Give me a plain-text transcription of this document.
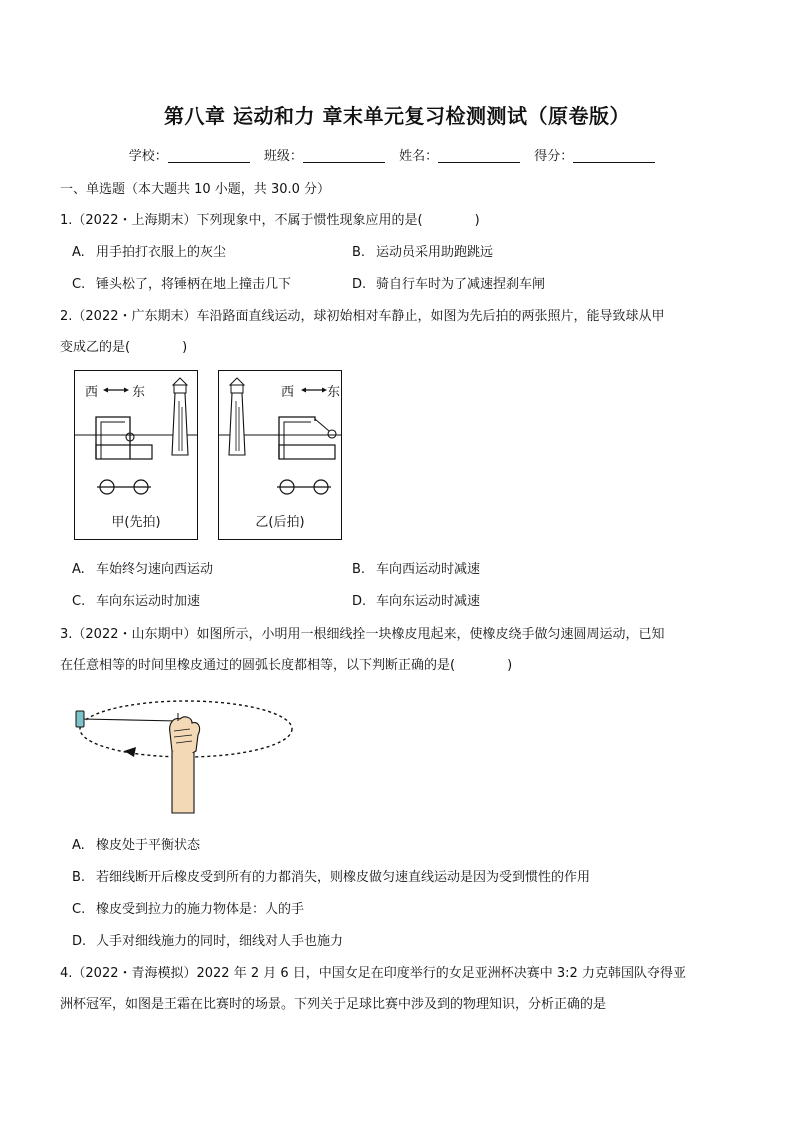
第八章 运动和力 章末单元复习检测测试（原卷版）
学校：	班级：	姓名：	得分：
一、单选题（本大题共 10 小题，共 30.0 分）
1.（2022・上海期末）下列现象中，不属于惯性现象应用的是(	)
A. 用手拍打衣服上的灰尘	B. 运动员采用助跑跳远
C. 锤头松了，将锤柄在地上撞击几下	D. 骑自行车时为了减速捏刹车闸
2.（2022・广东期末）车沿路面直线运动，球初始相对车静止，如图为先后拍的两张照片，能导致球从甲
变成乙的是(	)
西	东
甲(先拍)
西	东
乙(后拍)
A. 车始终匀速向西运动	B. 车向西运动时减速
C. 车向东运动时加速	D. 车向东运动时减速
3.（2022・山东期中）如图所示，小明用一根细线拴一块橡皮甩起来，使橡皮绕手做匀速圆周运动，已知
在任意相等的时间里橡皮通过的圆弧长度都相等，以下判断正确的是(	)
A. 橡皮处于平衡状态
B. 若细线断开后橡皮受到所有的力都消失，则橡皮做匀速直线运动是因为受到惯性的作用
C. 橡皮受到拉力的施力物体是：人的手
D. 人手对细线施力的同时，细线对人手也施力
4.（2022・青海模拟）2022 年 2 月 6 日，中国女足在印度举行的女足亚洲杯决赛中 3:2 力克韩国队夺得亚
洲杯冠军，如图是王霜在比赛时的场景。下列关于足球比赛中涉及到的物理知识，分析正确的是
